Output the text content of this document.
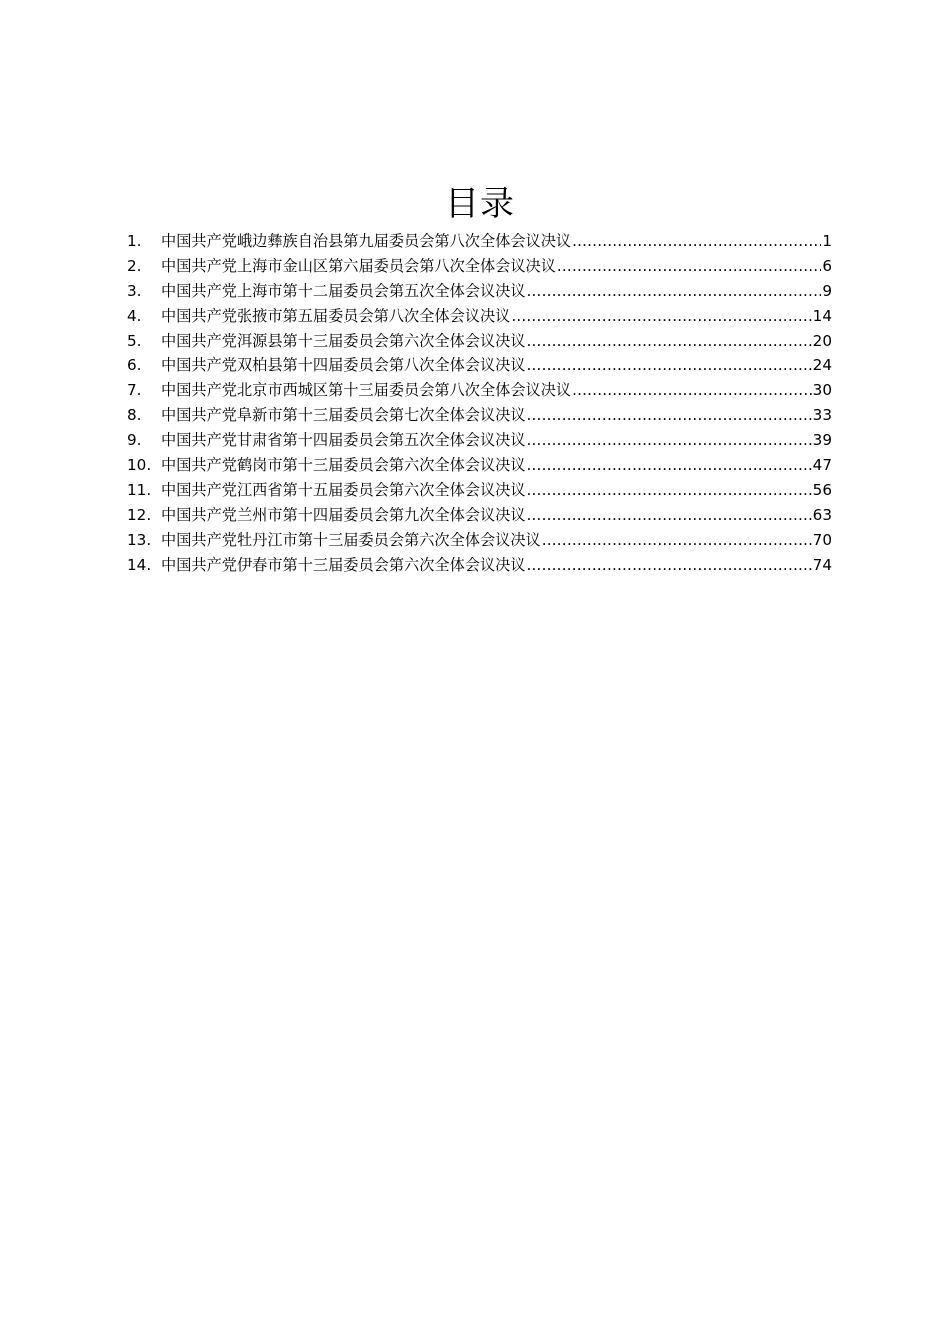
目录
1.	中国共产党峨边彝族自治县第九届委员会第八次全体会议决议 .....	1
2.	中国共产党上海市金山区第六届委员会第八次全体会议决议 .....	6
3.	中国共产党上海市第十二届委员会第五次全体会议决议 .....	9
4.	中国共产党张掖市第五届委员会第八次全体会议决议 .....	14
5.	中国共产党洱源县第十三届委员会第六次全体会议决议 .....	20
6.	中国共产党双柏县第十四届委员会第八次全体会议决议 .....	24
7.	中国共产党北京市西城区第十三届委员会第八次全体会议决议 .....	30
8.	中国共产党阜新市第十三届委员会第七次全体会议决议 .....	33
9.	中国共产党甘肃省第十四届委员会第五次全体会议决议 .....	39
10. 中国共产党鹤岗市第十三届委员会第六次全体会议决议 .....	47
11. 中国共产党江西省第十五届委员会第六次全体会议决议 .....	56
12. 中国共产党兰州市第十四届委员会第九次全体会议决议 .....	63
13. 中国共产党牡丹江市第十三届委员会第六次全体会议决议 .....	70
14. 中国共产党伊春市第十三届委员会第六次全体会议决议 .....	74
